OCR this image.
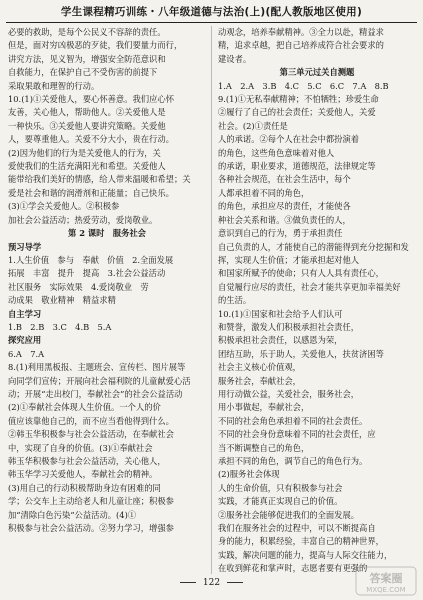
学生课程精巧训练・八年级道德与法治(上)(配人教版地区使用)
必要的救助，是每个公民义不容辞的责任。
但是，面对穷凶极恶的歹徒，我们要量力而行，
讲究方法，见义智为，增强安全防范意识和
自救能力，在保护自己不受伤害的前提下
采取果敢和理智的行动。
10.(1)①关爱他人，要心怀善意。我们应心怀
友善，关心他人，帮助他人。②关爱他人是
一种快乐。③关爱他人要讲究策略。关爱他
人，要尊重他人。关爱不分大小，贵在行动。
(2)因为他们的行为是关爱他人的行为，关
爱使我们的生活充满阳光和希望。关爱他人
能带给我们美好的情感，给人带来温暖和希望；关
爱是社会和谐的润滑剂和正能量；自己快乐。
(3)①学会关爱他人。②积极参
加社会公益活动；热爱劳动，爱岗敬业。
第 2 课时　服务社会
预习导学
1.人生价值　参与　奉献　价值　2.全面发展
拓展　丰富　提升　提高　3.社会公益活动
社区服务　实际效果　4.爱岗敬业　劳
动成果　敬业精神　精益求精
自主学习
1.B　2.B　3.C　4.B　5.A
探究应用
6.A　7.A
8.(1)利用黑板报、主题班会、宣传栏、图片展等
向同学们宣传；开展向社会福利院的儿童献爱心活
动；开展“走出校门，奉献社会”的社会公益活动
(2)①奉献社会体现人生价值。一个人的价
值应该靠他自己的，而不应当看他得到什么。
②韩玉华积极参与社会公益活动，在奉献社会
中，实现了自身的价值。(3)①奉献社会
韩玉华积极参与社会公益活动，关心他人，
韩玉华学习关爱他人，奉献社会的精神。
(3)用自己的行动积极帮助身边有困难的同
学；公交车上主动给老人和儿童让座；积极参
加“清除白色污染”公益活动。(4)①
积极参与社会公益活动。②努力学习，增强参
动观念，培养奉献精神。③全力以赴，精益求
精，追求卓越，把自己培养成符合社会要求的
建设者。
第三单元过关自测题
1.A　2.A　3.B　4.C　5.C　6.C　7.A　8.B
9.(1)①无私奉献精神；不怕牺牲；珍爱生命
②履行了自己的社会责任；关爱他人，关爱
社会。(2)①责任是
人的承诺。②每个人在社会中都扮演着
的角色，这些角色意味着对他人
的承诺，职业要求，道德规范，法律规定等
各种社会规范，在社会生活中，每个
人都承担着不同的角色，
的角色，承担应尽的责任，才能使各
种社会关系和谐。③做负责任的人，
意识到自己的行为，勇于承担责任
自己负责的人，才能使自己的潜能得到充分挖掘和发
挥，实现人生价值；才能承担起对他人
和国家所赋予的使命；只有人人具有责任心，
自觉履行应尽的责任，社会才能共享更加幸福美好
的生活。
10.(1)①国家和社会给予人们认可
和赞誉，激发人们积极承担社会责任，
积极承担社会责任，以感恩为荣，
团结互助，乐于助人，关爱他人，扶贫济困等
社会主义核心价值观，
服务社会，奉献社会，
用行动做公益，关爱社会，服务社会，
用小事做起，奉献社会，
不同的社会角色承担着不同的社会责任。
不同的社会身份意味着不同的社会责任，应
当不断调整自己的角色，
承担不同的角色，调节自己的角色行为。
(2)服务社会体现
人的生命价值，只有积极参与社会
实践，才能真正实现自己的价值。
②服务社会能够促进我们的全面发展。
我们在服务社会的过程中，可以不断提高自
身的能力，积累经验，丰富自己的精神世界，
实践，解决问题的能力，提高与人际交往能力，
在收到鲜花和掌声时，志愿者要有更强的
122	答案圈
MXQE.COM
